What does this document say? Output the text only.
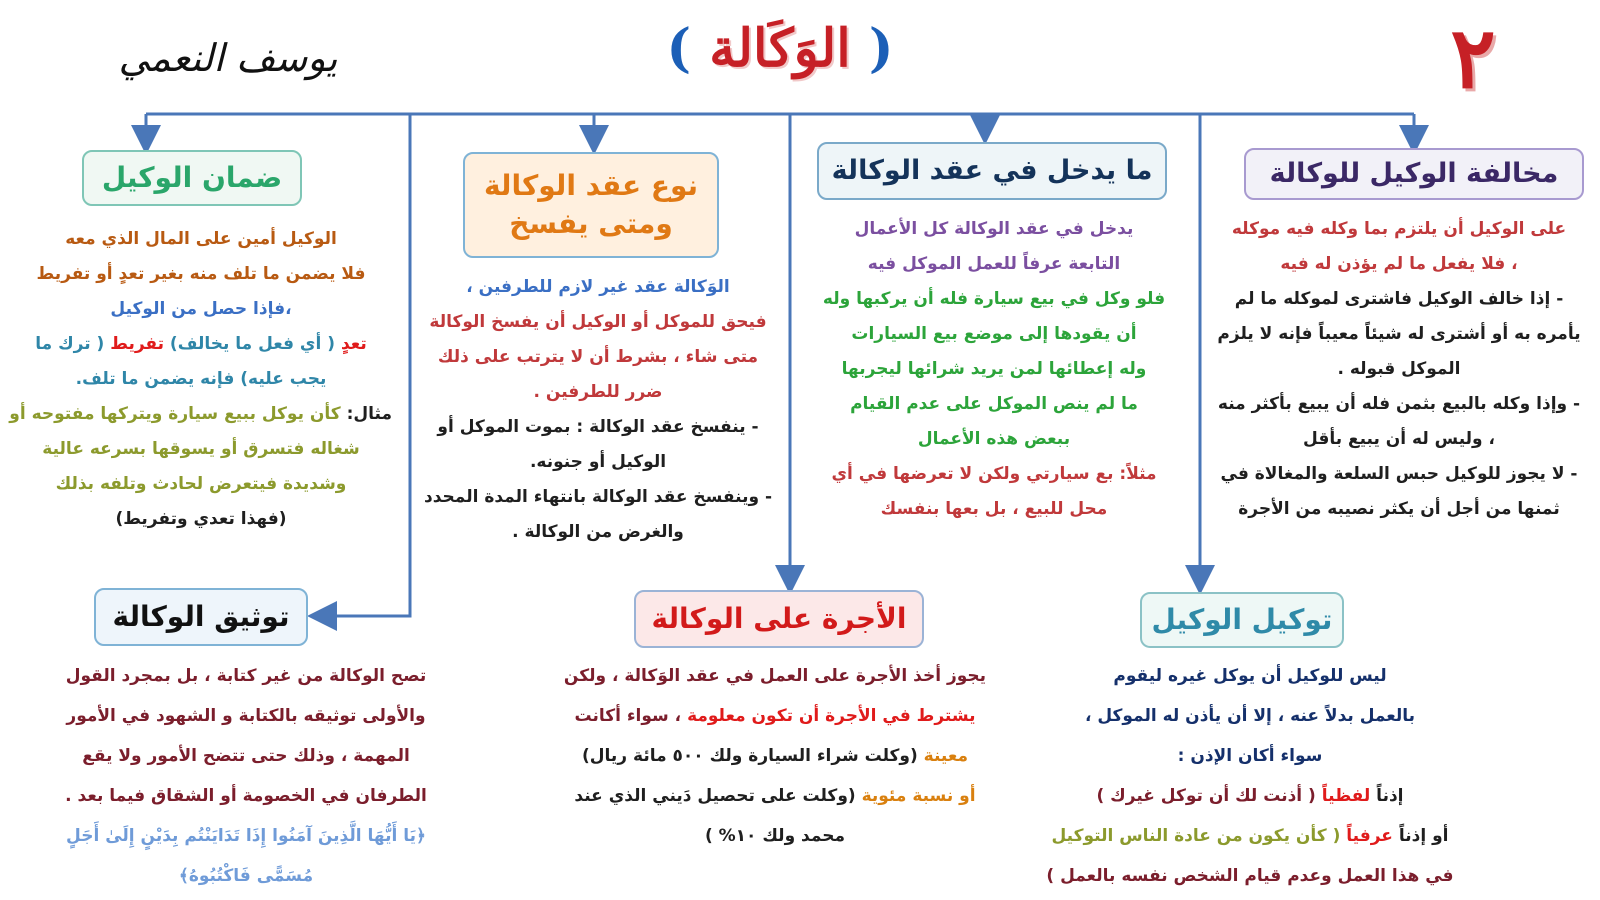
( الوَكَالة )	٢
يوسف النعمي
مخالفة الوكيل للوكالة
ما يدخل في عقد الوكالة
نوع عقد الوكالة
ومتى يفسخ
ضمان الوكيل
توكيل الوكيل
الأجرة على الوكالة
توثيق الوكالة
على الوكيل أن يلتزم بما وكله فيه موكله
، فلا يفعل ما لم يؤذن له فيه
- إذا خالف الوكيل فاشترى لموكله ما لم
يأمره به أو أشترى له شيئاً معيباً فإنه لا يلزم
الموكل قبوله .
- وإذا وكله بالبيع بثمن فله أن يبيع بأكثر منه
، وليس له أن يبيع بأقل
- لا يجوز للوكيل حبس السلعة والمغالاة في
ثمنها من أجل أن يكثر نصيبه من الأجرة
يدخل في عقد الوكالة كل الأعمال
التابعة عرفاً للعمل الموكل فيه
فلو وكل في بيع سيارة فله أن يركبها وله
أن يقودها إلى موضع بيع السيارات
وله إعطائها لمن يريد شرائها ليجربها
ما لم ينص الموكل على عدم القيام
ببعض هذه الأعمال
مثلاً: بع سيارتي ولكن لا تعرضها في أي
محل للبيع ، بل بعها بنفسك
الوَكالة عقد غير لازم للطرفين ،
فيحق للموكل أو الوكيل أن يفسخ الوكالة
متى شاء ، بشرط أن لا يترتب على ذلك
ضرر للطرفين .
- ينفسخ عقد الوكالة : بموت الموكل أو
الوكيل أو جنونه.
- وينفسخ عقد الوكالة بانتهاء المدة المحدد
والغرض من الوكالة .
الوكيل أمين على المال الذي معه
فلا يضمن ما تلف منه بغير تعدٍ أو تفريط
،فإذا حصل من الوكيل
تعدٍ ( أي فعل ما يخالف) تفريط ( ترك ما
يجب عليه) فإنه يضمن ما تلف.
مثال: كأن يوكل ببيع سيارة ويتركها مفتوحه أو
شغاله فتسرق أو يسوقها بسرعه عالية
وشديدة فيتعرض لحادث وتلفه بذلك
(فهذا تعدي وتفريط)
ليس للوكيل أن يوكل غيره ليقوم
بالعمل بدلاً عنه ، إلا أن يأذن له الموكل ،
سواء أكان الإذن :
إذناً لفظياً ( أذنت لك أن توكل غيرك )
أو إذناً عرفياً ( كأن يكون من عادة الناس التوكيل
في هذا العمل وعدم قيام الشخص نفسه بالعمل )
يجوز أخذ الأجرة على العمل في عقد الوَكالة ، ولكن
يشترط في الأجرة أن تكون معلومة ، سواء أكانت
معينة (وكلت شراء السيارة ولك ٥٠٠ مائة ريال)
أو نسبة مئوية (وكلت على تحصيل دَيني الذي عند
محمد ولك ١٠% )
تصح الوكالة من غير كتابة ، بل بمجرد القول
والأولى توثيقه بالكتابة و الشهود في الأمور
المهمة ، وذلك حتى تتضح الأمور ولا يقع
الطرفان في الخصومة أو الشقاق فيما بعد .
﴿يَا أَيُّهَا الَّذِينَ آمَنُوا إِذَا تَدَايَنْتُم بِدَيْنٍ إِلَىٰ أَجَلٍ
مُسَمًّى فَاكْتُبُوهُ﴾
